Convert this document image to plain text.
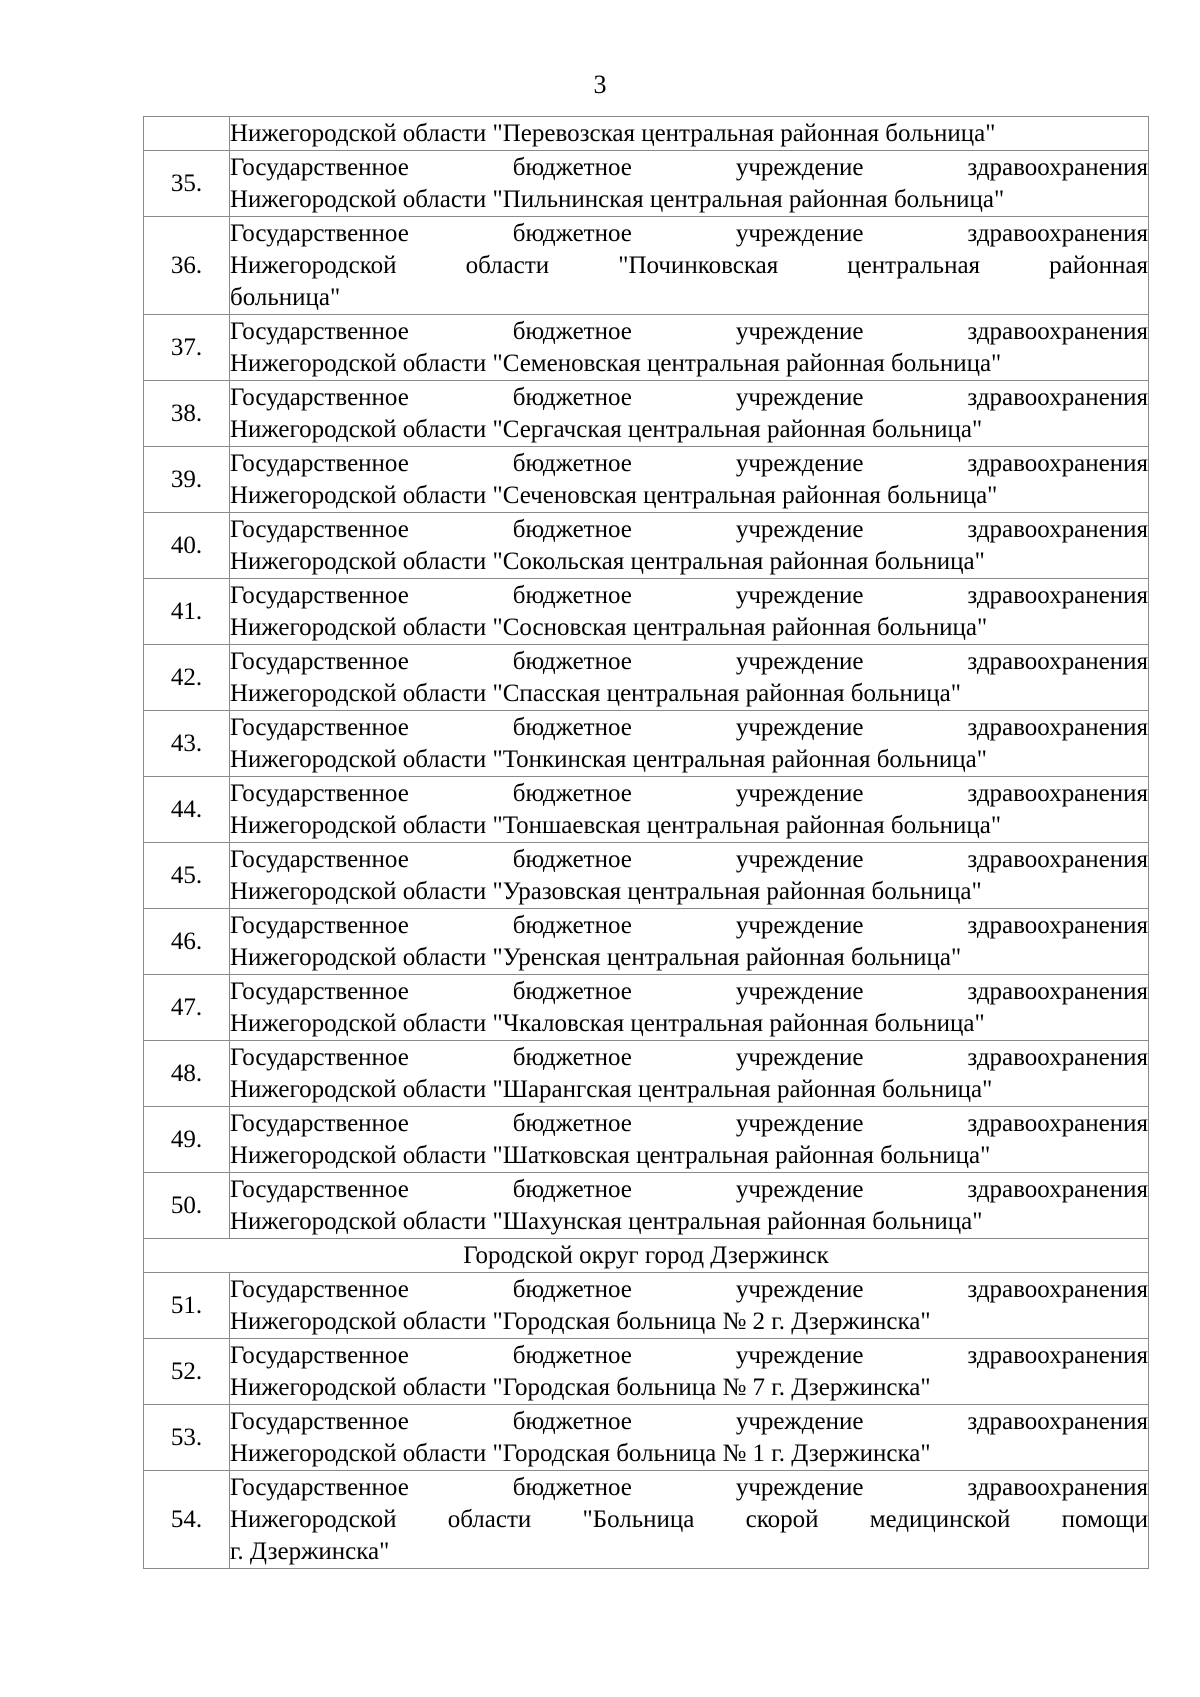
3

	Нижегородской области "Перевозская центральная районная больница"

35.	Государственное бюджетное учреждение здравоохранения
Нижегородской области "Пильнинская центральная районная больница"

36.	Государственное бюджетное учреждение здравоохранения
Нижегородской области "Починковская центральная районная
больница"

37.	Государственное бюджетное учреждение здравоохранения
Нижегородской области "Семеновская центральная районная больница"

38.	Государственное бюджетное учреждение здравоохранения
Нижегородской области "Сергачская центральная районная больница"

39.	Государственное бюджетное учреждение здравоохранения
Нижегородской области "Сеченовская центральная районная больница"

40.	Государственное бюджетное учреждение здравоохранения
Нижегородской области "Сокольская центральная районная больница"

41.	Государственное бюджетное учреждение здравоохранения
Нижегородской области "Сосновская центральная районная больница"

42.	Государственное бюджетное учреждение здравоохранения
Нижегородской области "Спасская центральная районная больница"

43.	Государственное бюджетное учреждение здравоохранения
Нижегородской области "Тонкинская центральная районная больница"

44.	Государственное бюджетное учреждение здравоохранения
Нижегородской области "Тоншаевская центральная районная больница"

45.	Государственное бюджетное учреждение здравоохранения
Нижегородской области "Уразовская центральная районная больница"

46.	Государственное бюджетное учреждение здравоохранения
Нижегородской области "Уренская центральная районная больница"

47.	Государственное бюджетное учреждение здравоохранения
Нижегородской области "Чкаловская центральная районная больница"

48.	Государственное бюджетное учреждение здравоохранения
Нижегородской области "Шарангская центральная районная больница"

49.	Государственное бюджетное учреждение здравоохранения
Нижегородской области "Шатковская центральная районная больница"

50.	Государственное бюджетное учреждение здравоохранения
Нижегородской области "Шахунская центральная районная больница"

Городской округ город Дзержинск	
51.	Государственное бюджетное учреждение здравоохранения
Нижегородской области "Городская больница № 2 г. Дзержинска"

52.	Государственное бюджетное учреждение здравоохранения
Нижегородской области "Городская больница № 7 г. Дзержинска"

53.	Государственное бюджетное учреждение здравоохранения
Нижегородской области "Городская больница № 1 г. Дзержинска"

54.	Государственное бюджетное учреждение здравоохранения
Нижегородской области "Больница скорой медицинской помощи
г. Дзержинска"
